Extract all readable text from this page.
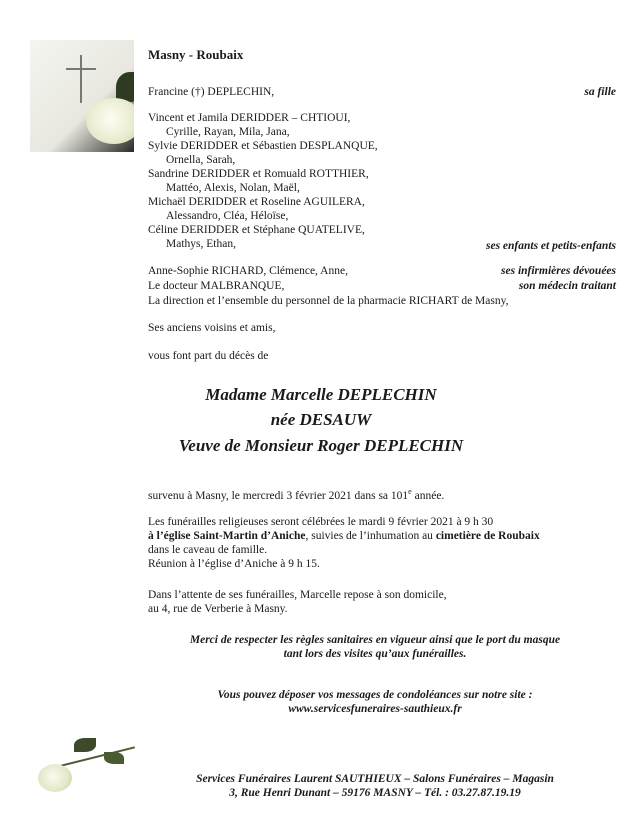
Masny - Roubaix
Francine (†) DEPLECHIN,	sa fille
Vincent et Jamila DERIDDER – CHTIOUI,
Cyrille, Rayan, Mila, Jana,
Sylvie DERIDDER et Sébastien DESPLANQUE,
Ornella, Sarah,
Sandrine DERIDDER et Romuald ROTTHIER,
Mattéo, Alexis, Nolan, Maël,
Michaël DERIDDER et Roseline AGUILERA,
Alessandro, Cléa, Héloïse,
Céline DERIDDER et Stéphane QUATELIVE,
Mathys, Ethan,	ses enfants et petits-enfants
Anne-Sophie RICHARD, Clémence, Anne,	ses infirmières dévouées
Le docteur MALBRANQUE,	son médecin traitant
La direction et l’ensemble du personnel de la pharmacie RICHART de Masny,
Ses anciens voisins et amis,
vous font part du décès de
Madame Marcelle DEPLECHIN
née DESAUW
Veuve de Monsieur Roger DEPLECHIN
survenu à Masny, le mercredi 3 février 2021 dans sa 101e année.
Les funérailles religieuses seront célébrées le mardi 9 février 2021 à 9 h 30
à l’église Saint-Martin d’Aniche, suivies de l’inhumation au cimetière de Roubaix
dans le caveau de famille.
Réunion à l’église d’Aniche à 9 h 15.
Dans l’attente de ses funérailles, Marcelle repose à son domicile,
au 4, rue de Verberie à Masny.
Merci de respecter les règles sanitaires en vigueur ainsi que le port du masque
tant lors des visites qu’aux funérailles.
Vous pouvez déposer vos messages de condoléances sur notre site :
www.servicesfuneraires-sauthieux.fr
Services Funéraires Laurent SAUTHIEUX – Salons Funéraires – Magasin
3, Rue Henri Dunant – 59176 MASNY – Tél. : 03.27.87.19.19
